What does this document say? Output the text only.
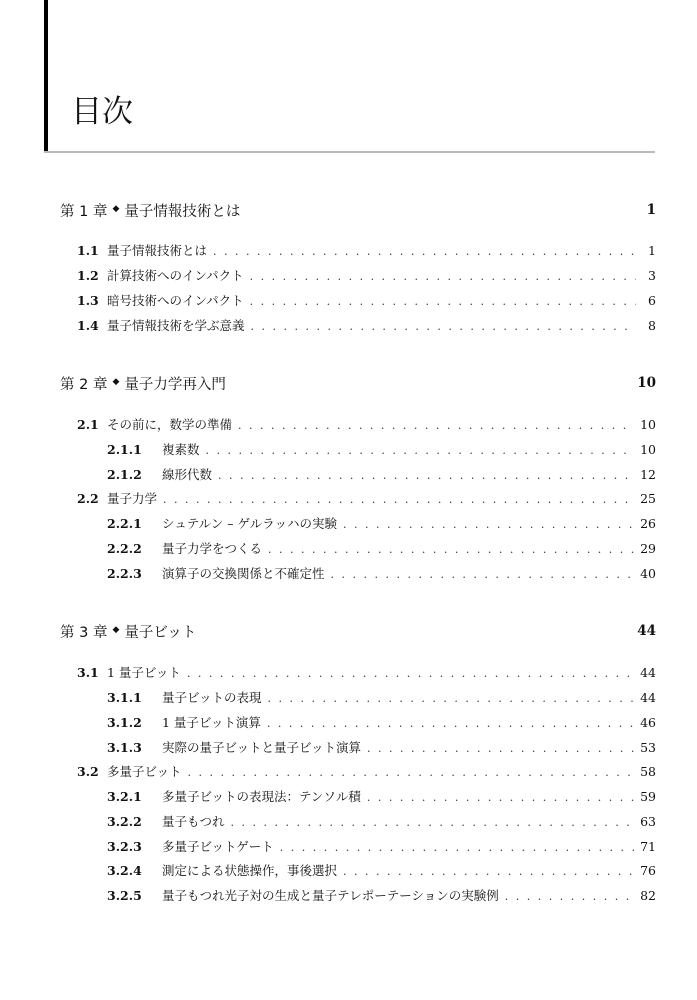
目次
第 1 章 ◆ 量子情報技術とは	1
1.1 量子情報技術とは . . .	1
1.2 計算技術へのインパクト . . .	3
1.3 暗号技術へのインパクト . . .	6
1.4 量子情報技術を学ぶ意義 . . .	8
第 2 章 ◆ 量子力学再入門	10
2.1 その前に，数学の準備 . . .	10
2.1.1	複素数 . . .	10
2.1.2	線形代数 . . .	12
2.2 量子力学 . . .	25
2.2.1	シュテルン – ゲルラッハの実験 . . .	26
2.2.2	量子力学をつくる . . .	29
2.2.3	演算子の交換関係と不確定性 . . .	40
第 3 章 ◆ 量子ビット	44
3.1 1 量子ビット . . .	44
3.1.1	量子ビットの表現 . . .	44
3.1.2	1 量子ビット演算 . . .	46
3.1.3	実際の量子ビットと量子ビット演算 . . .	53
3.2 多量子ビット . . .	58
3.2.1	多量子ビットの表現法：テンソル積 . . .	59
3.2.2	量子もつれ . . .	63
3.2.3	多量子ビットゲート . . .	71
3.2.4	測定による状態操作，事後選択 . . .	76
3.2.5	量子もつれ光子対の生成と量子テレポーテーションの実験例 . . .	82
